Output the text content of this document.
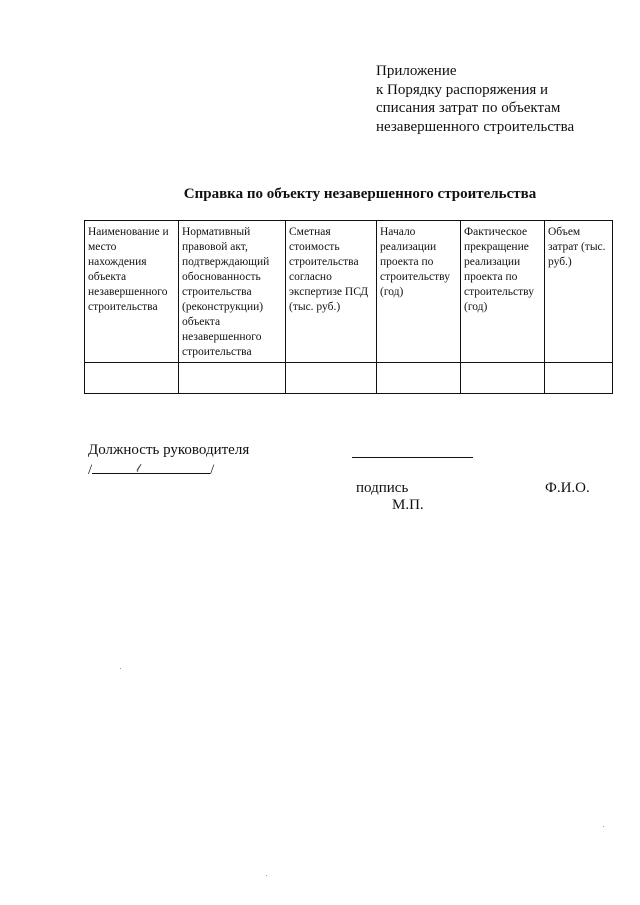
Приложение
к Порядку распоряжения и
списания затрат по объектам
незавершенного строительства
Справка по объекту незавершенного строительства
Наименование и место нахождения объекта незавершенного строительства	Нормативный правовой акт, подтверждающий обоснованность строительства (реконструкции) объекта незавершенного строительства	Сметная стоимость строительства согласно экспертизе ПСД (тыс. руб.)	Начало реализации проекта по строительству (год)	Фактическое прекращение реализации проекта по строительству (год)	Объем затрат (тыс. руб.)

Должность руководителя
/	𝓁	/
подпись	Ф.И.О.
М.П.
